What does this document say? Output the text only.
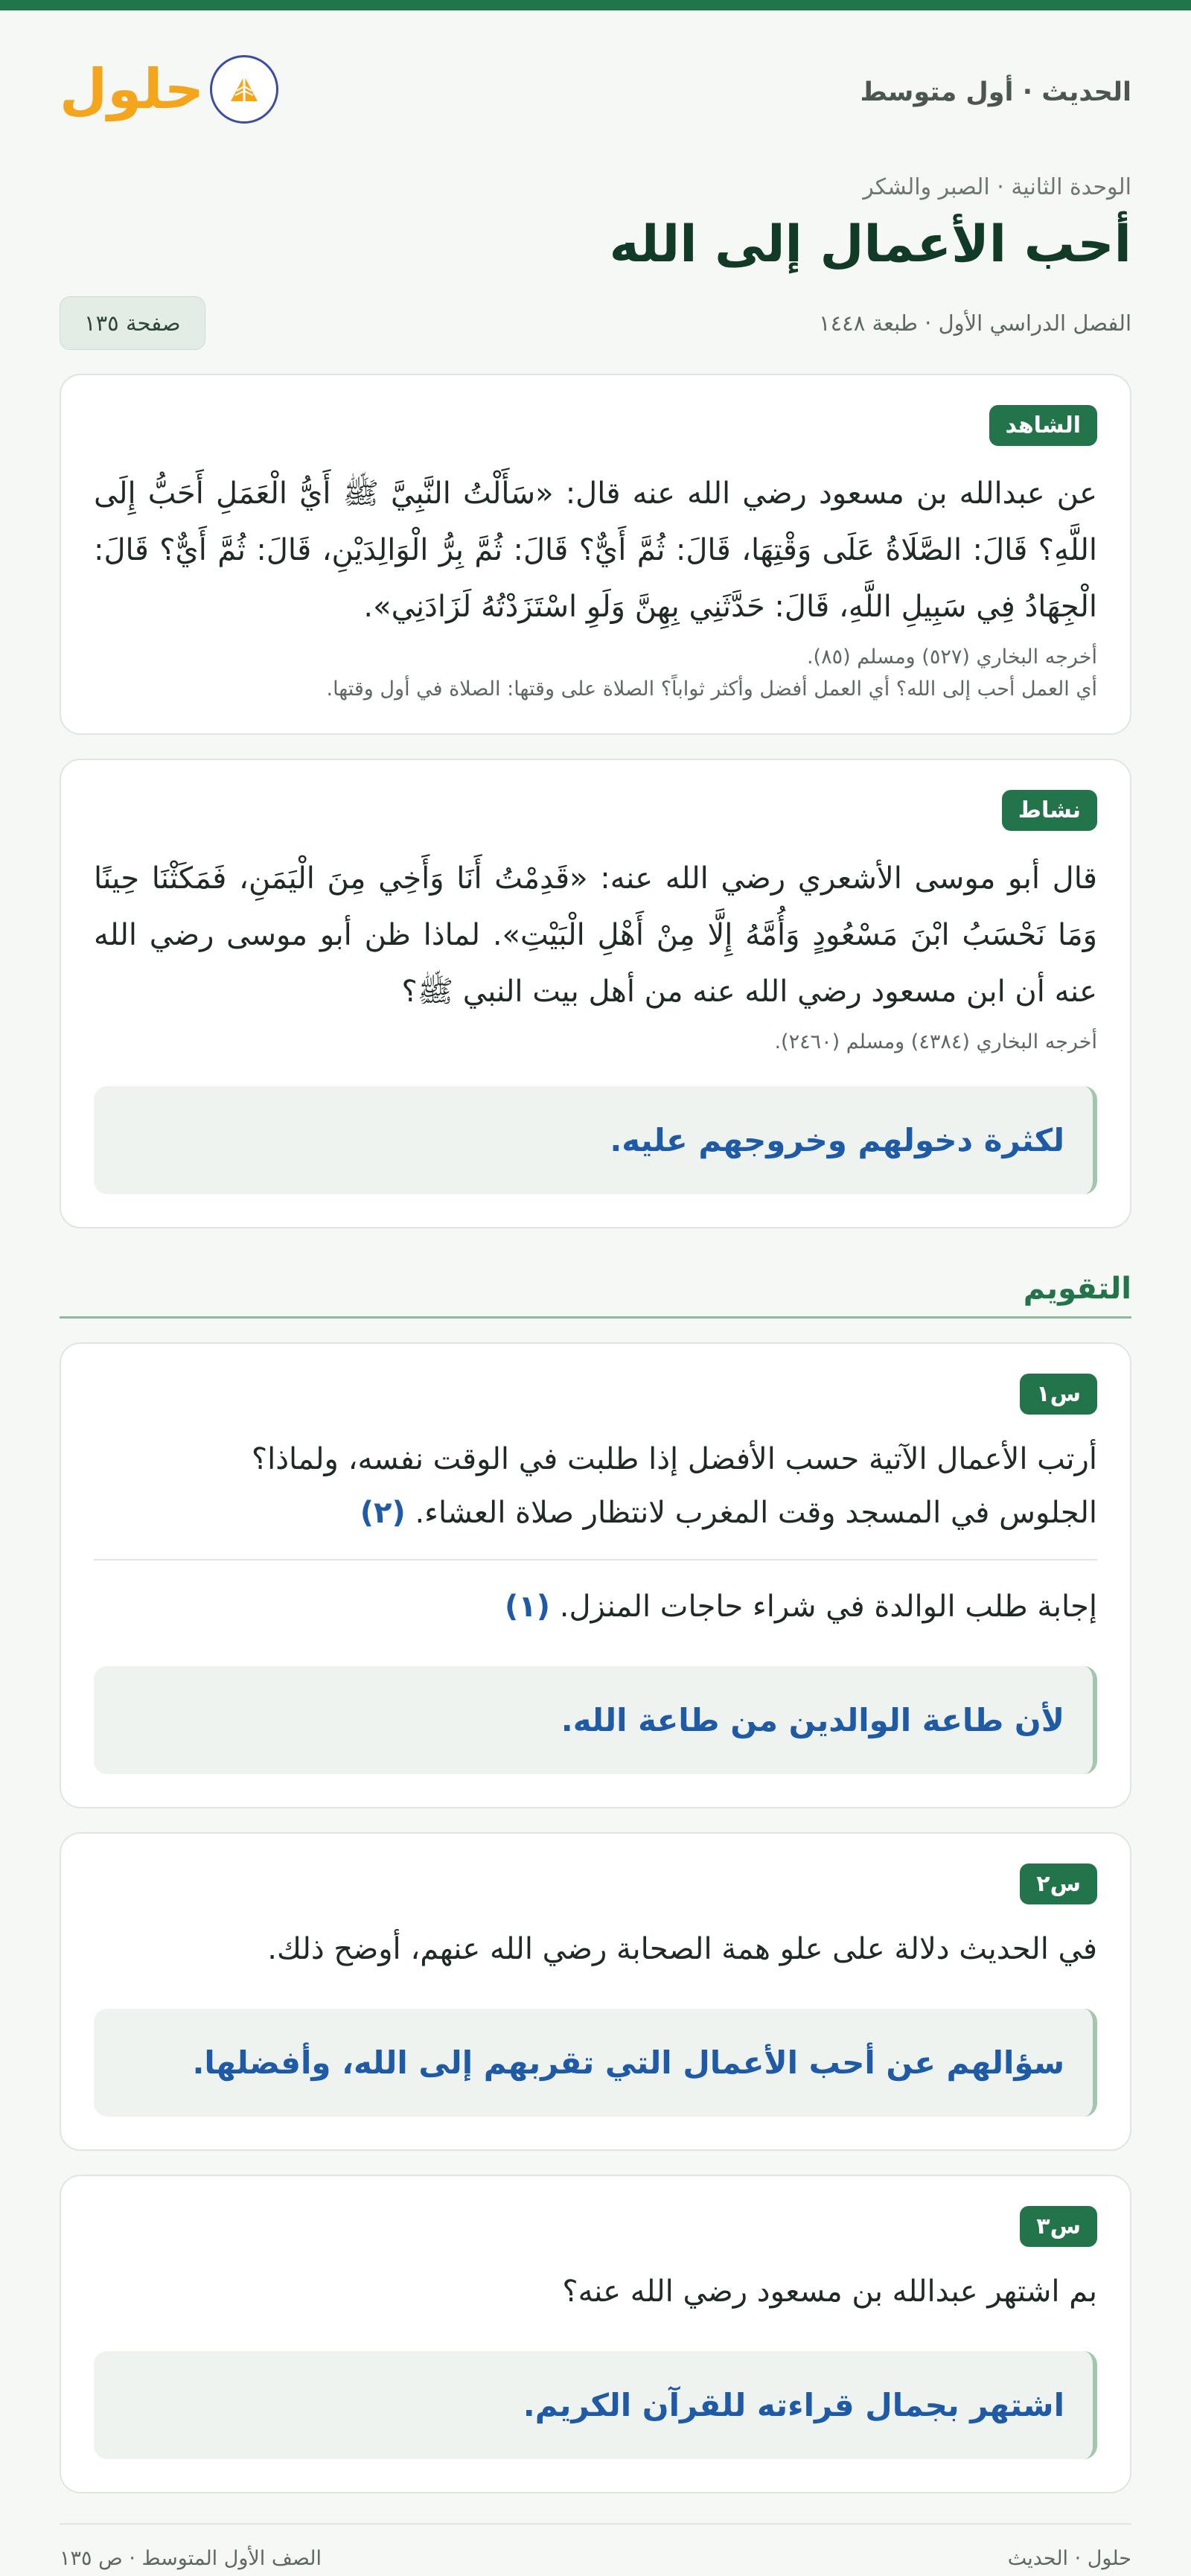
الحديث · أول متوسط
حلول
الوحدة الثانية · الصبر والشكر
أحب الأعمال إلى الله
الفصل الدراسي الأول · طبعة ١٤٤٨
صفحة ١٣٥
الشاهد
عن عبدالله بن مسعود رضي الله عنه قال: «سَأَلْتُ النَّبِيَّ ﷺ أَيُّ الْعَمَلِ أَحَبُّ إِلَى اللَّهِ؟ قَالَ: الصَّلَاةُ عَلَى وَقْتِهَا، قَالَ: ثُمَّ أَيٌّ؟ قَالَ: ثُمَّ بِرُّ الْوَالِدَيْنِ، قَالَ: ثُمَّ أَيٌّ؟ قَالَ: الْجِهَادُ فِي سَبِيلِ اللَّهِ، قَالَ: حَدَّثَنِي بِهِنَّ وَلَوِ اسْتَزَدْتُهُ لَزَادَنِي».
أخرجه البخاري (٥٢٧) ومسلم (٨٥).
أي العمل أحب إلى الله؟ أي العمل أفضل وأكثر ثواباً؟ الصلاة على وقتها: الصلاة في أول وقتها.
نشاط
قال أبو موسى الأشعري رضي الله عنه: «قَدِمْتُ أَنَا وَأَخِي مِنَ الْيَمَنِ، فَمَكَثْنَا حِينًا وَمَا نَحْسَبُ ابْنَ مَسْعُودٍ وَأُمَّهُ إِلَّا مِنْ أَهْلِ الْبَيْتِ». لماذا ظن أبو موسى رضي الله عنه أن ابن مسعود رضي الله عنه من أهل بيت النبي ﷺ؟
أخرجه البخاري (٤٣٨٤) ومسلم (٢٤٦٠).
لكثرة دخولهم وخروجهم عليه.
التقويم
س١
أرتب الأعمال الآتية حسب الأفضل إذا طلبت في الوقت نفسه، ولماذا؟
الجلوس في المسجد وقت المغرب لانتظار صلاة العشاء. (٢)
إجابة طلب الوالدة في شراء حاجات المنزل. (١)
لأن طاعة الوالدين من طاعة الله.
س٢
في الحديث دلالة على علو همة الصحابة رضي الله عنهم، أوضح ذلك.
سؤالهم عن أحب الأعمال التي تقربهم إلى الله، وأفضلها.
س٣
بم اشتهر عبدالله بن مسعود رضي الله عنه؟
اشتهر بجمال قراءته للقرآن الكريم.
حلول · الحديث
الصف الأول المتوسط · ص ١٣٥
